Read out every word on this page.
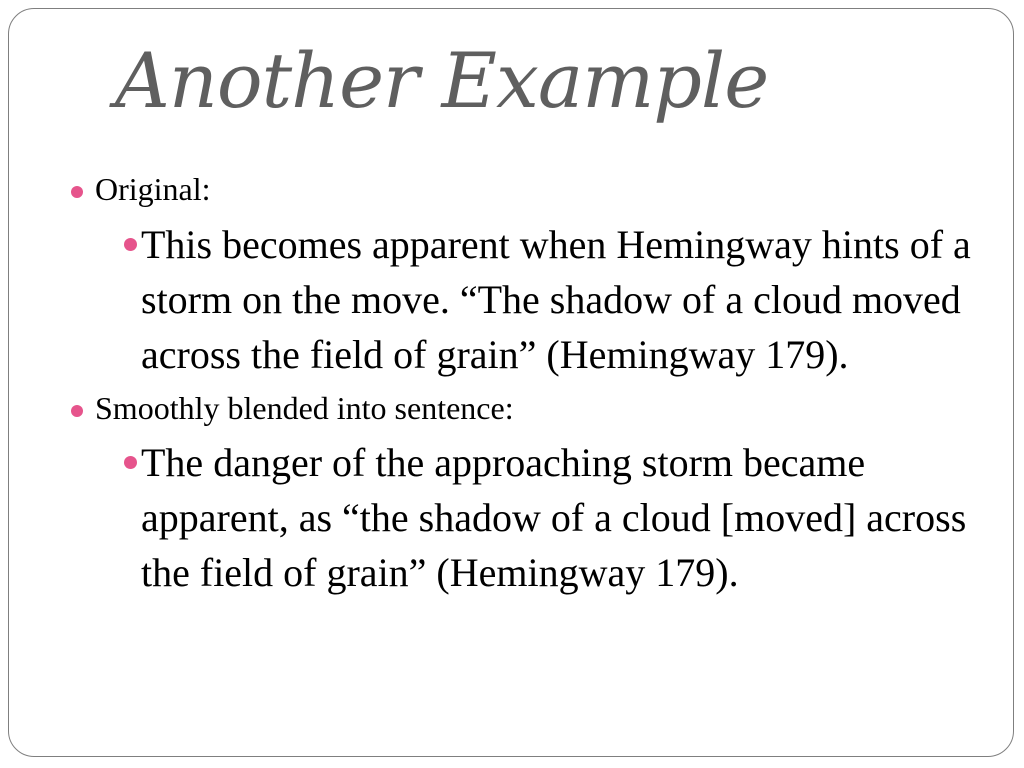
Another Example
Original:
This becomes apparent when Hemingway hints of a storm on the move. “The shadow of a cloud moved across the field of grain” (Hemingway 179).
Smoothly blended into sentence:
The danger of the approaching storm became apparent, as “the shadow of a cloud [moved] across the field of grain” (Hemingway 179).
